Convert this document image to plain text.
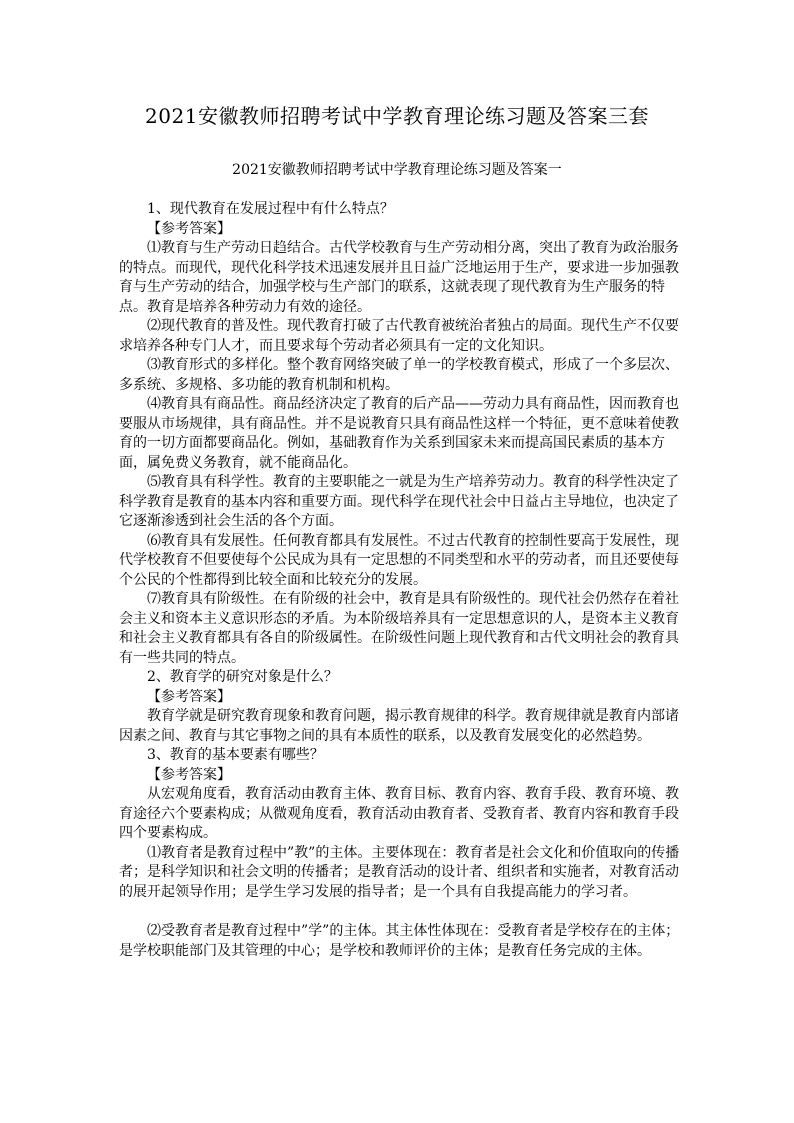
2021安徽教师招聘考试中学教育理论练习题及答案三套
2021安徽教师招聘考试中学教育理论练习题及答案一

1、现代教育在发展过程中有什么特点？

【参考答案】

⑴教育与生产劳动日趋结合。古代学校教育与生产劳动相分离，突出了教育为政治服务的特点。而现代，现代化科学技术迅速发展并且日益广泛地运用于生产，要求进一步加强教育与生产劳动的结合，加强学校与生产部门的联系，这就表现了现代教育为生产服务的特点。教育是培养各种劳动力有效的途径。

⑵现代教育的普及性。现代教育打破了古代教育被统治者独占的局面。现代生产不仅要求培养各种专门人才，而且要求每个劳动者必须具有一定的文化知识。

⑶教育形式的多样化。整个教育网络突破了单一的学校教育模式，形成了一个多层次、多系统、多规格、多功能的教育机制和机构。

⑷教育具有商品性。商品经济决定了教育的后产品——劳动力具有商品性，因而教育也要服从市场规律，具有商品性。并不是说教育只具有商品性这样一个特征，更不意味着使教育的一切方面都要商品化。例如，基础教育作为关系到国家未来而提高国民素质的基本方面，属免费义务教育，就不能商品化。

⑸教育具有科学性。教育的主要职能之一就是为生产培养劳动力。教育的科学性决定了科学教育是教育的基本内容和重要方面。现代科学在现代社会中日益占主导地位，也决定了它逐渐渗透到社会生活的各个方面。

⑹教育具有发展性。任何教育都具有发展性。不过古代教育的控制性要高于发展性，现代学校教育不但要使每个公民成为具有一定思想的不同类型和水平的劳动者，而且还要使每个公民的个性都得到比较全面和比较充分的发展。

⑺教育具有阶级性。在有阶级的社会中，教育是具有阶级性的。现代社会仍然存在着社会主义和资本主义意识形态的矛盾。为本阶级培养具有一定思想意识的人，是资本主义教育和社会主义教育都具有各自的阶级属性。在阶级性问题上现代教育和古代文明社会的教育具有一些共同的特点。

2、教育学的研究对象是什么？

【参考答案】

教育学就是研究教育现象和教育问题，揭示教育规律的科学。教育规律就是教育内部诸因素之间、教育与其它事物之间的具有本质性的联系，以及教育发展变化的必然趋势。

3、教育的基本要素有哪些？

【参考答案】

从宏观角度看，教育活动由教育主体、教育目标、教育内容、教育手段、教育环境、教育途径六个要素构成；从微观角度看，教育活动由教育者、受教育者、教育内容和教育手段四个要素构成。

⑴教育者是教育过程中”教”的主体。主要体现在：教育者是社会文化和价值取向的传播者；是科学知识和社会文明的传播者；是教育活动的设计者、组织者和实施者，对教育活动的展开起领导作用；是学生学习发展的指导者；是一个具有自我提高能力的学习者。

⑵受教育者是教育过程中”学”的主体。其主体性体现在：受教育者是学校存在的主体；是学校职能部门及其管理的中心；是学校和教师评价的主体；是教育任务完成的主体。
